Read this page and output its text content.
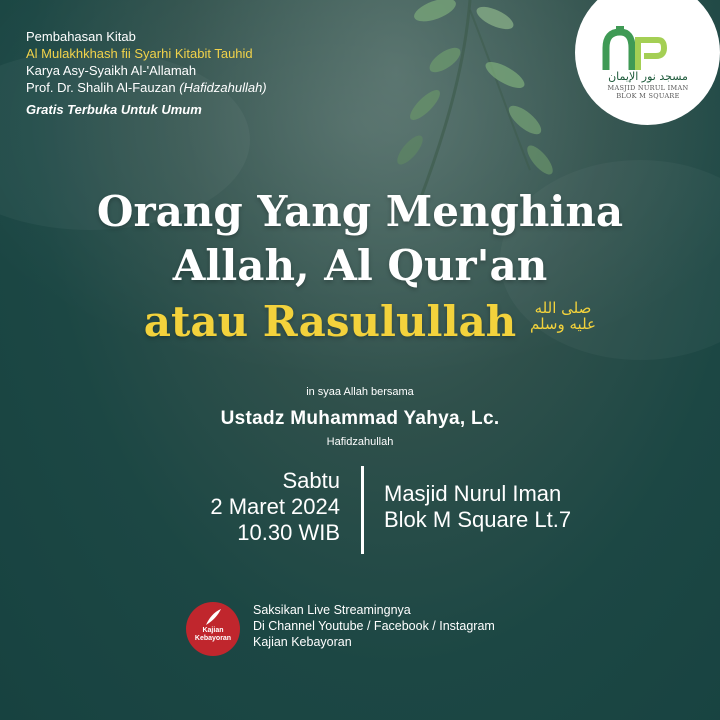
Pembahasan Kitab
Al Mulakhkhash fii Syarhi Kitabit Tauhid
Karya Asy-Syaikh Al-'Allamah
Prof. Dr. Shalih Al-Fauzan (Hafidzahullah)
Gratis Terbuka Untuk Umum
مسجد نور الإيمان
MASJID NURUL IMAN
BLOK M SQUARE
Orang Yang Menghina
Allah, Al Qur'an
atau Rasulullah	صلى الله عليه وسلم
in syaa Allah bersama
Ustadz Muhammad Yahya, Lc.
Hafidzahullah
Sabtu
2 Maret 2024
10.30 WIB
Masjid Nurul Iman
Blok M Square Lt.7
Kajian
Kebayoran
Saksikan Live Streamingnya
Di Channel Youtube / Facebook / Instagram
Kajian Kebayoran
